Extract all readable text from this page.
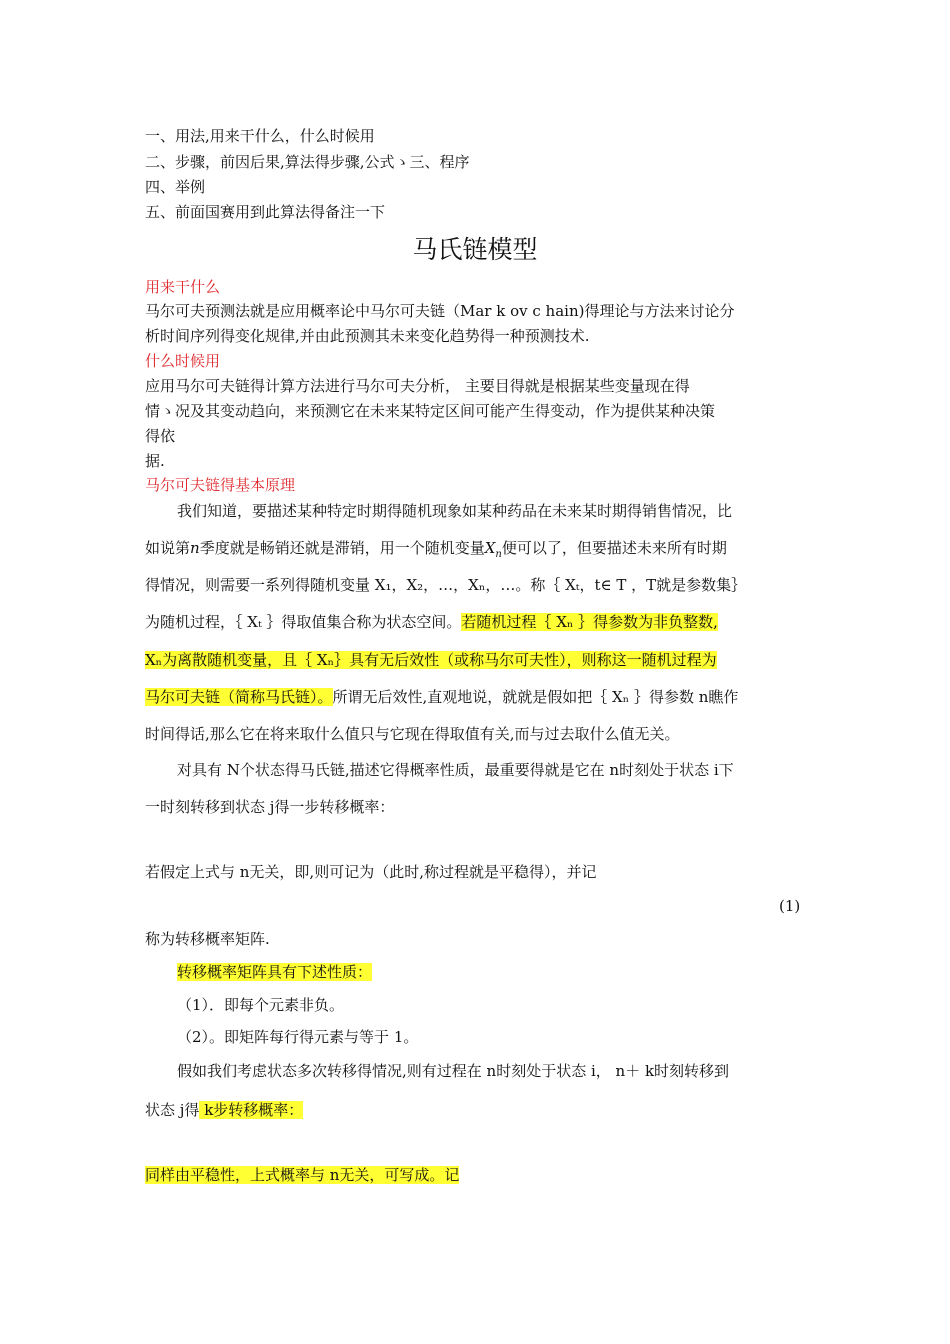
一、用法,用来干什么，什么时候用
二、步骤，前因后果,算法得步骤,公式ゝ三、程序
四、举例
五、前面国赛用到此算法得备注一下
马氏链模型
用来干什么
马尔可夫预测法就是应用概率论中马尔可夫链（Mar k ov c hain)得理论与方法来讨论分
析时间序列得变化规律,并由此预测其未来变化趋势得一种预测技术.
什么时候用
应用马尔可夫链得计算方法进行马尔可夫分析， 主要目得就是根据某些变量现在得
情ゝ况及其变动趋向，来预测它在未来某特定区间可能产生得变动，作为提供某种决策
得依
据.
马尔可夫链得基本原理
我们知道，要描述某种特定时期得随机现象如某种药品在未来某时期得销售情况，比
如说第n季度就是畅销还就是滞销，用一个随机变量$X_n$便可以了，但要描述未来所有时期
得情况，则需要一系列得随机变量 X₁，X₂，…，Xₙ，…。称｛ Xₜ，t∈ T ，T就是参数集｝
为随机过程，｛ Xₜ ｝得取值集合称为状态空间。若随机过程｛ Xₙ ｝得参数为非负整数,
Xₙ为离散随机变量，且｛ Xₙ｝具有无后效性（或称马尔可夫性），则称这一随机过程为
马尔可夫链（简称马氏链）。所谓无后效性,直观地说，就就是假如把｛ Xₙ ｝得参数 n瞧作
时间得话,那么它在将来取什么值只与它现在得取值有关,而与过去取什么值无关。
对具有 N个状态得马氏链,描述它得概率性质，最重要得就是它在 n时刻处于状态 i下
一时刻转移到状态 j得一步转移概率：
若假定上式与 n无关，即,则可记为（此时,称过程就是平稳得），并记
(1)
称为转移概率矩阵.
转移概率矩阵具有下述性质：
（1）．即每个元素非负。
（2）。即矩阵每行得元素与等于 1。
假如我们考虑状态多次转移得情况,则有过程在 n时刻处于状态 i， n＋ k时刻转移到
状态 j得 k步转移概率：
同样由平稳性，上式概率与 n无关，可写成。记
